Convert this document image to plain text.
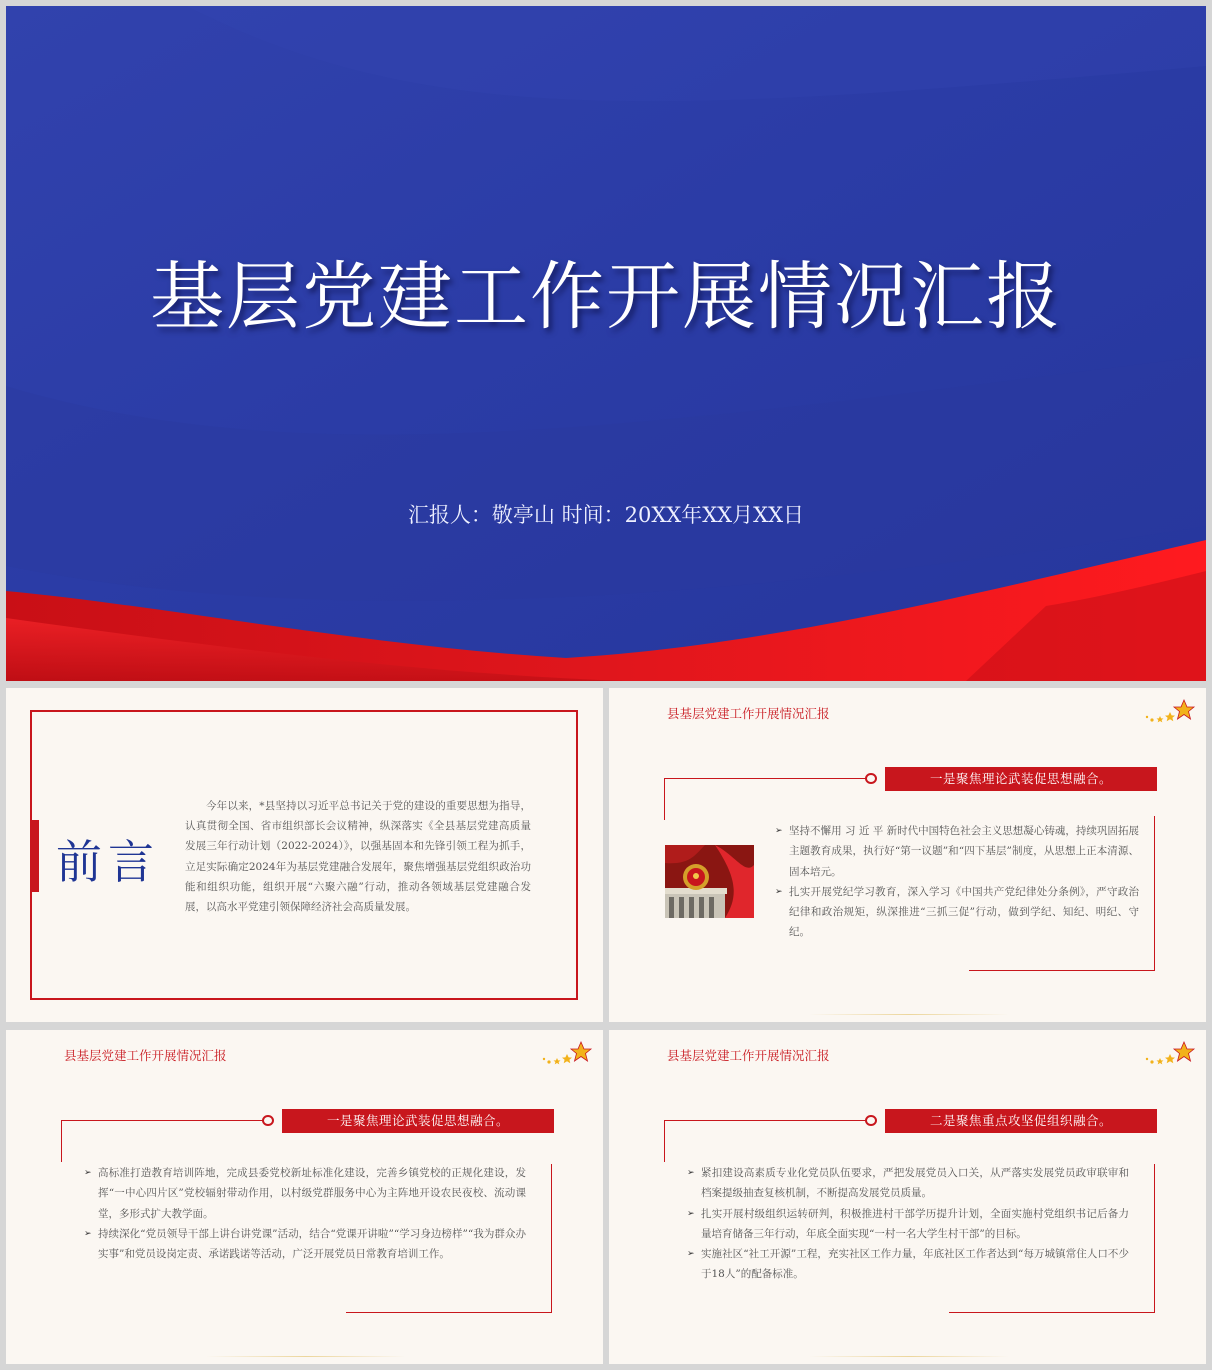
基层党建工作开展情况汇报
汇报人：敬亭山 时间：20XX年XX月XX日
前言

今年以来，*县坚持以习近平总书记关于党的建设的重要思想为指导，认真贯彻全国、省市组织部长会议精神，纵深落实《全县基层党建高质量发展三年行动计划（2022-2024）》，以强基固本和先锋引领工程为抓手，立足实际确定2024年为基层党建融合发展年，聚焦增强基层党组织政治功能和组织功能，组织开展“六聚六融”行动，推动各领域基层党建融合发展，以高水平党建引领保障经济社会高质量发展。

县基层党建工作开展情况汇报
一是聚焦理论武装促思想融合。
➢ 坚持不懈用 习 近 平 新时代中国特色社会主义思想凝心铸魂，持续巩固拓展主题教育成果，执行好“第一议题”和“四下基层”制度，从思想上正本清源、固本培元。
➢ 扎实开展党纪学习教育，深入学习《中国共产党纪律处分条例》，严守政治纪律和政治规矩，纵深推进“三抓三促”行动，做到学纪、知纪、明纪、守纪。
县基层党建工作开展情况汇报
一是聚焦理论武装促思想融合。
➢ 高标准打造教育培训阵地，完成县委党校新址标准化建设，完善乡镇党校的正规化建设，发挥“一中心四片区”党校辐射带动作用，以村级党群服务中心为主阵地开设农民夜校、流动课堂，多形式扩大教学面。
➢ 持续深化“党员领导干部上讲台讲党课”活动，结合“党课开讲啦”“学习身边榜样”“我为群众办实事”和党员设岗定责、承诺践诺等活动，广泛开展党员日常教育培训工作。
县基层党建工作开展情况汇报
二是聚焦重点攻坚促组织融合。
➢ 紧扣建设高素质专业化党员队伍要求，严把发展党员入口关，从严落实发展党员政审联审和档案提级抽查复核机制，不断提高发展党员质量。
➢ 扎实开展村级组织运转研判，积极推进村干部学历提升计划，全面实施村党组织书记后备力量培育储备三年行动，年底全面实现“一村一名大学生村干部”的目标。
➢ 实施社区“社工开源”工程，充实社区工作力量，年底社区工作者达到“每万城镇常住人口不少于18人”的配备标准。
